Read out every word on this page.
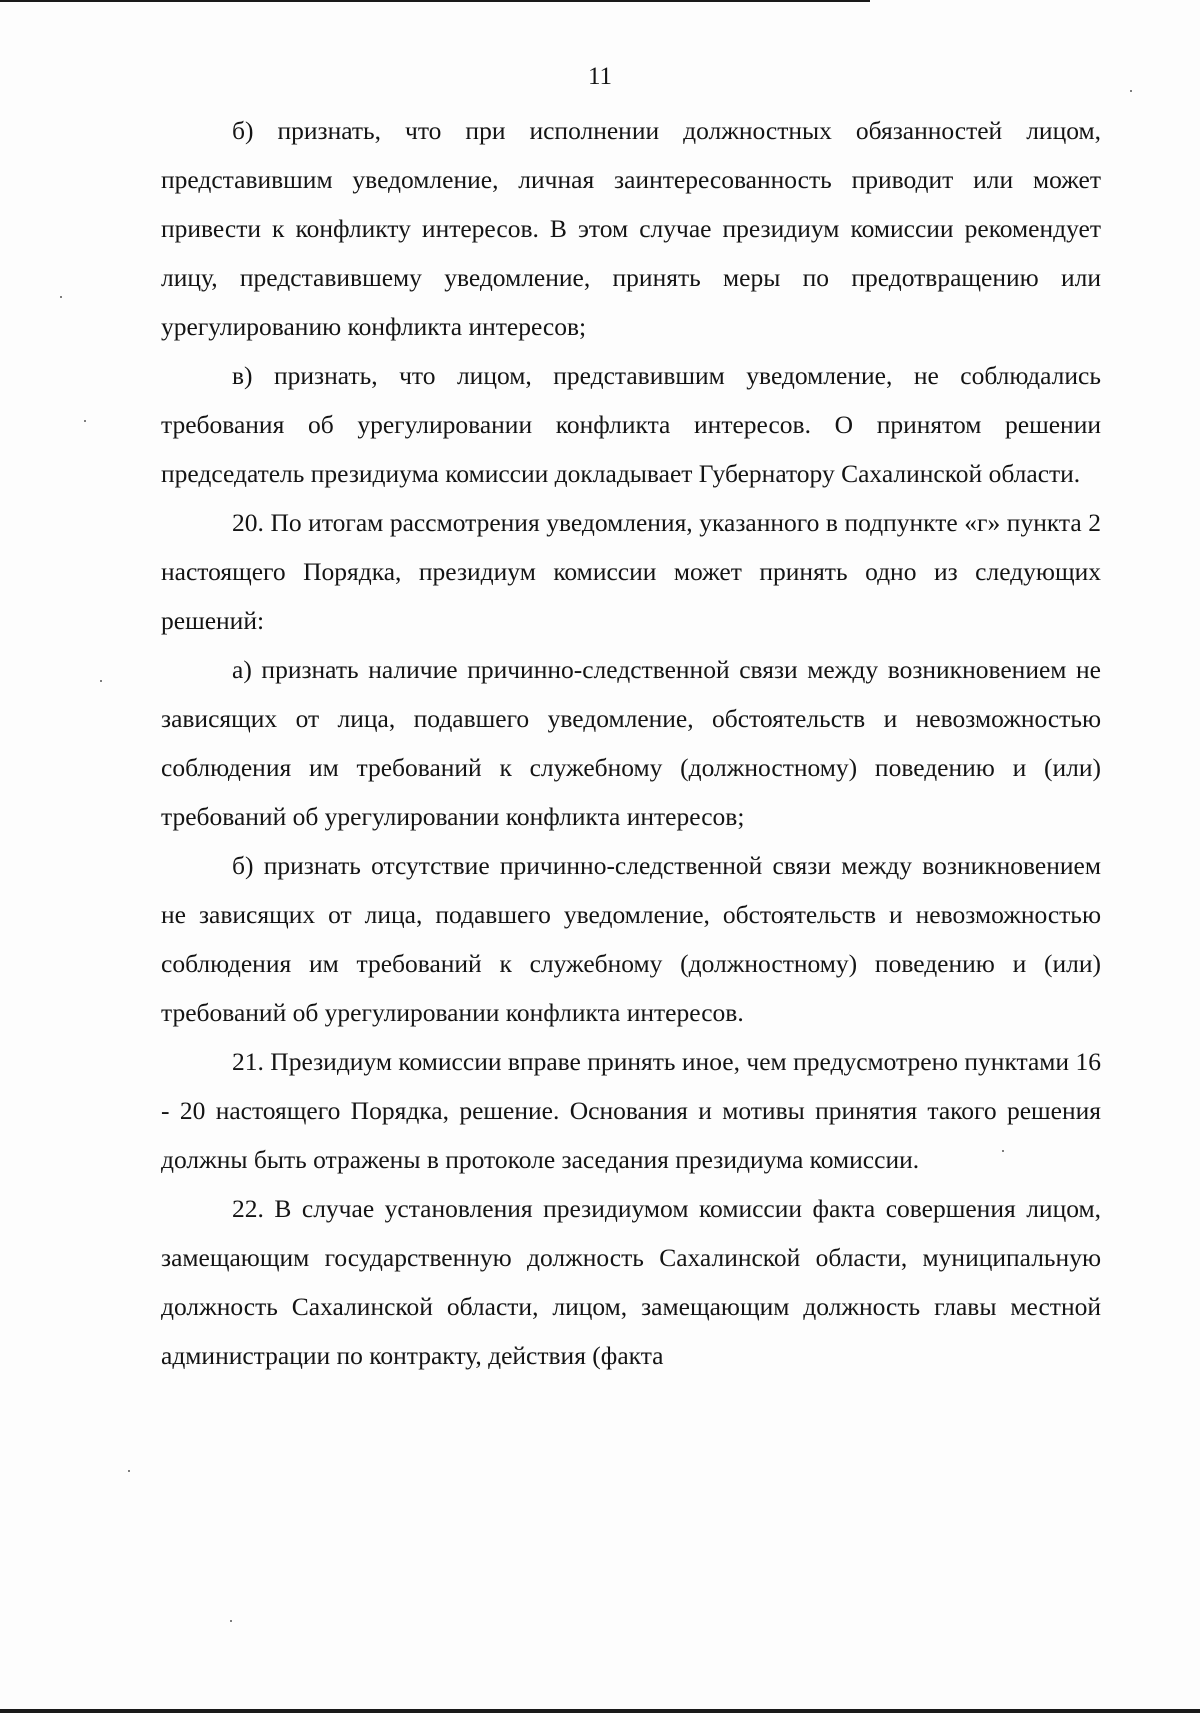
11

б) признать, что при исполнении должностных обязанностей лицом, представившим уведомление, личная заинтересованность приводит или может привести к конфликту интересов. В этом случае президиум комиссии рекомендует лицу, представившему уведомление, принять меры по предотвращению или урегулированию конфликта интересов;

в) признать, что лицом, представившим уведомление, не соблюдались требования об урегулировании конфликта интересов. О принятом решении председатель президиума комиссии докладывает Губернатору Сахалинской области.

20. По итогам рассмотрения уведомления, указанного в подпункте «г» пункта 2 настоящего Порядка, президиум комиссии может принять одно из следующих решений:

а) признать наличие причинно-следственной связи между возникновением не зависящих от лица, подавшего уведомление, обстоятельств и невозможностью соблюдения им требований к служебному (должностному) поведению и (или) требований об урегулировании конфликта интересов;

б) признать отсутствие причинно-следственной связи между возникновением не зависящих от лица, подавшего уведомление, обстоятельств и невозможностью соблюдения им требований к служебному (должностному) поведению и (или) требований об урегулировании конфликта интересов.

21. Президиум комиссии вправе принять иное, чем предусмотрено пунктами 16 - 20 настоящего Порядка, решение. Основания и мотивы принятия такого решения должны быть отражены в протоколе заседания президиума комиссии.

22. В случае установления президиумом комиссии факта совершения лицом, замещающим государственную должность Сахалинской области, муниципальную должность Сахалинской области, лицом, замещающим должность главы местной администрации по контракту, действия (факта
